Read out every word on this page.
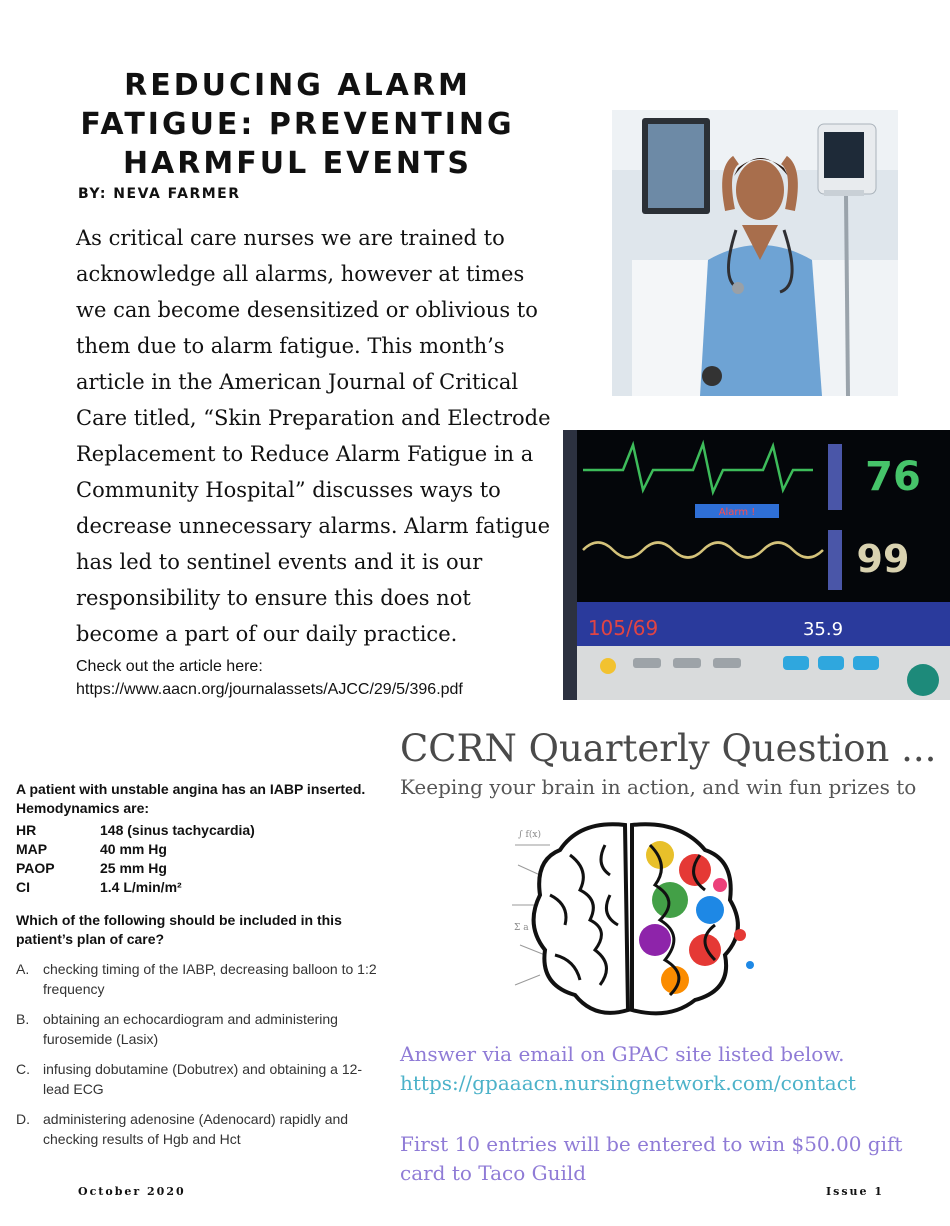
REDUCING ALARM FATIGUE: PREVENTING HARMFUL EVENTS
BY: NEVA FARMER

As critical care nurses we are trained to acknowledge all alarms, however at times we can become desensitized or oblivious to them due to alarm fatigue. This month’s article in the American Journal of Critical Care titled, “Skin Preparation and Electrode Replacement to Reduce Alarm Fatigue in a Community Hospital” discusses ways to decrease unnecessary alarms. Alarm fatigue has led to sentinel events and it is our responsibility to ensure this does not become a part of our daily practice.

Check out the article here:
https://www.aacn.org/journalassets/AJCC/29/5/396.pdf
Alarm !
76
99
105/69	35.9
CCRN Quarterly Question ...
Keeping your brain in action, and win fun prizes to
∫ f(x)
Σ a
A patient with unstable angina has an IABP inserted. Hemodynamics are:
HR	148 (sinus tachycardia)
MAP	40 mm Hg
PAOP	25 mm Hg
CI	1.4 L/min/m²
Which of the following should be included in this patient’s plan of care?
A. checking timing of the IABP, decreasing balloon to 1:2 frequency
B. obtaining an echocardiogram and administering furosemide (Lasix)
C. infusing dobutamine (Dobutrex) and obtaining a 12-lead ECG
D. administering adenosine (Adenocard) rapidly and checking results of Hgb and Hct
Answer via email on GPAC site listed below.
https://gpaaacn.nursingnetwork.com/contact
First 10 entries will be entered to win $50.00 gift card to Taco Guild
October 2020	Issue 1
